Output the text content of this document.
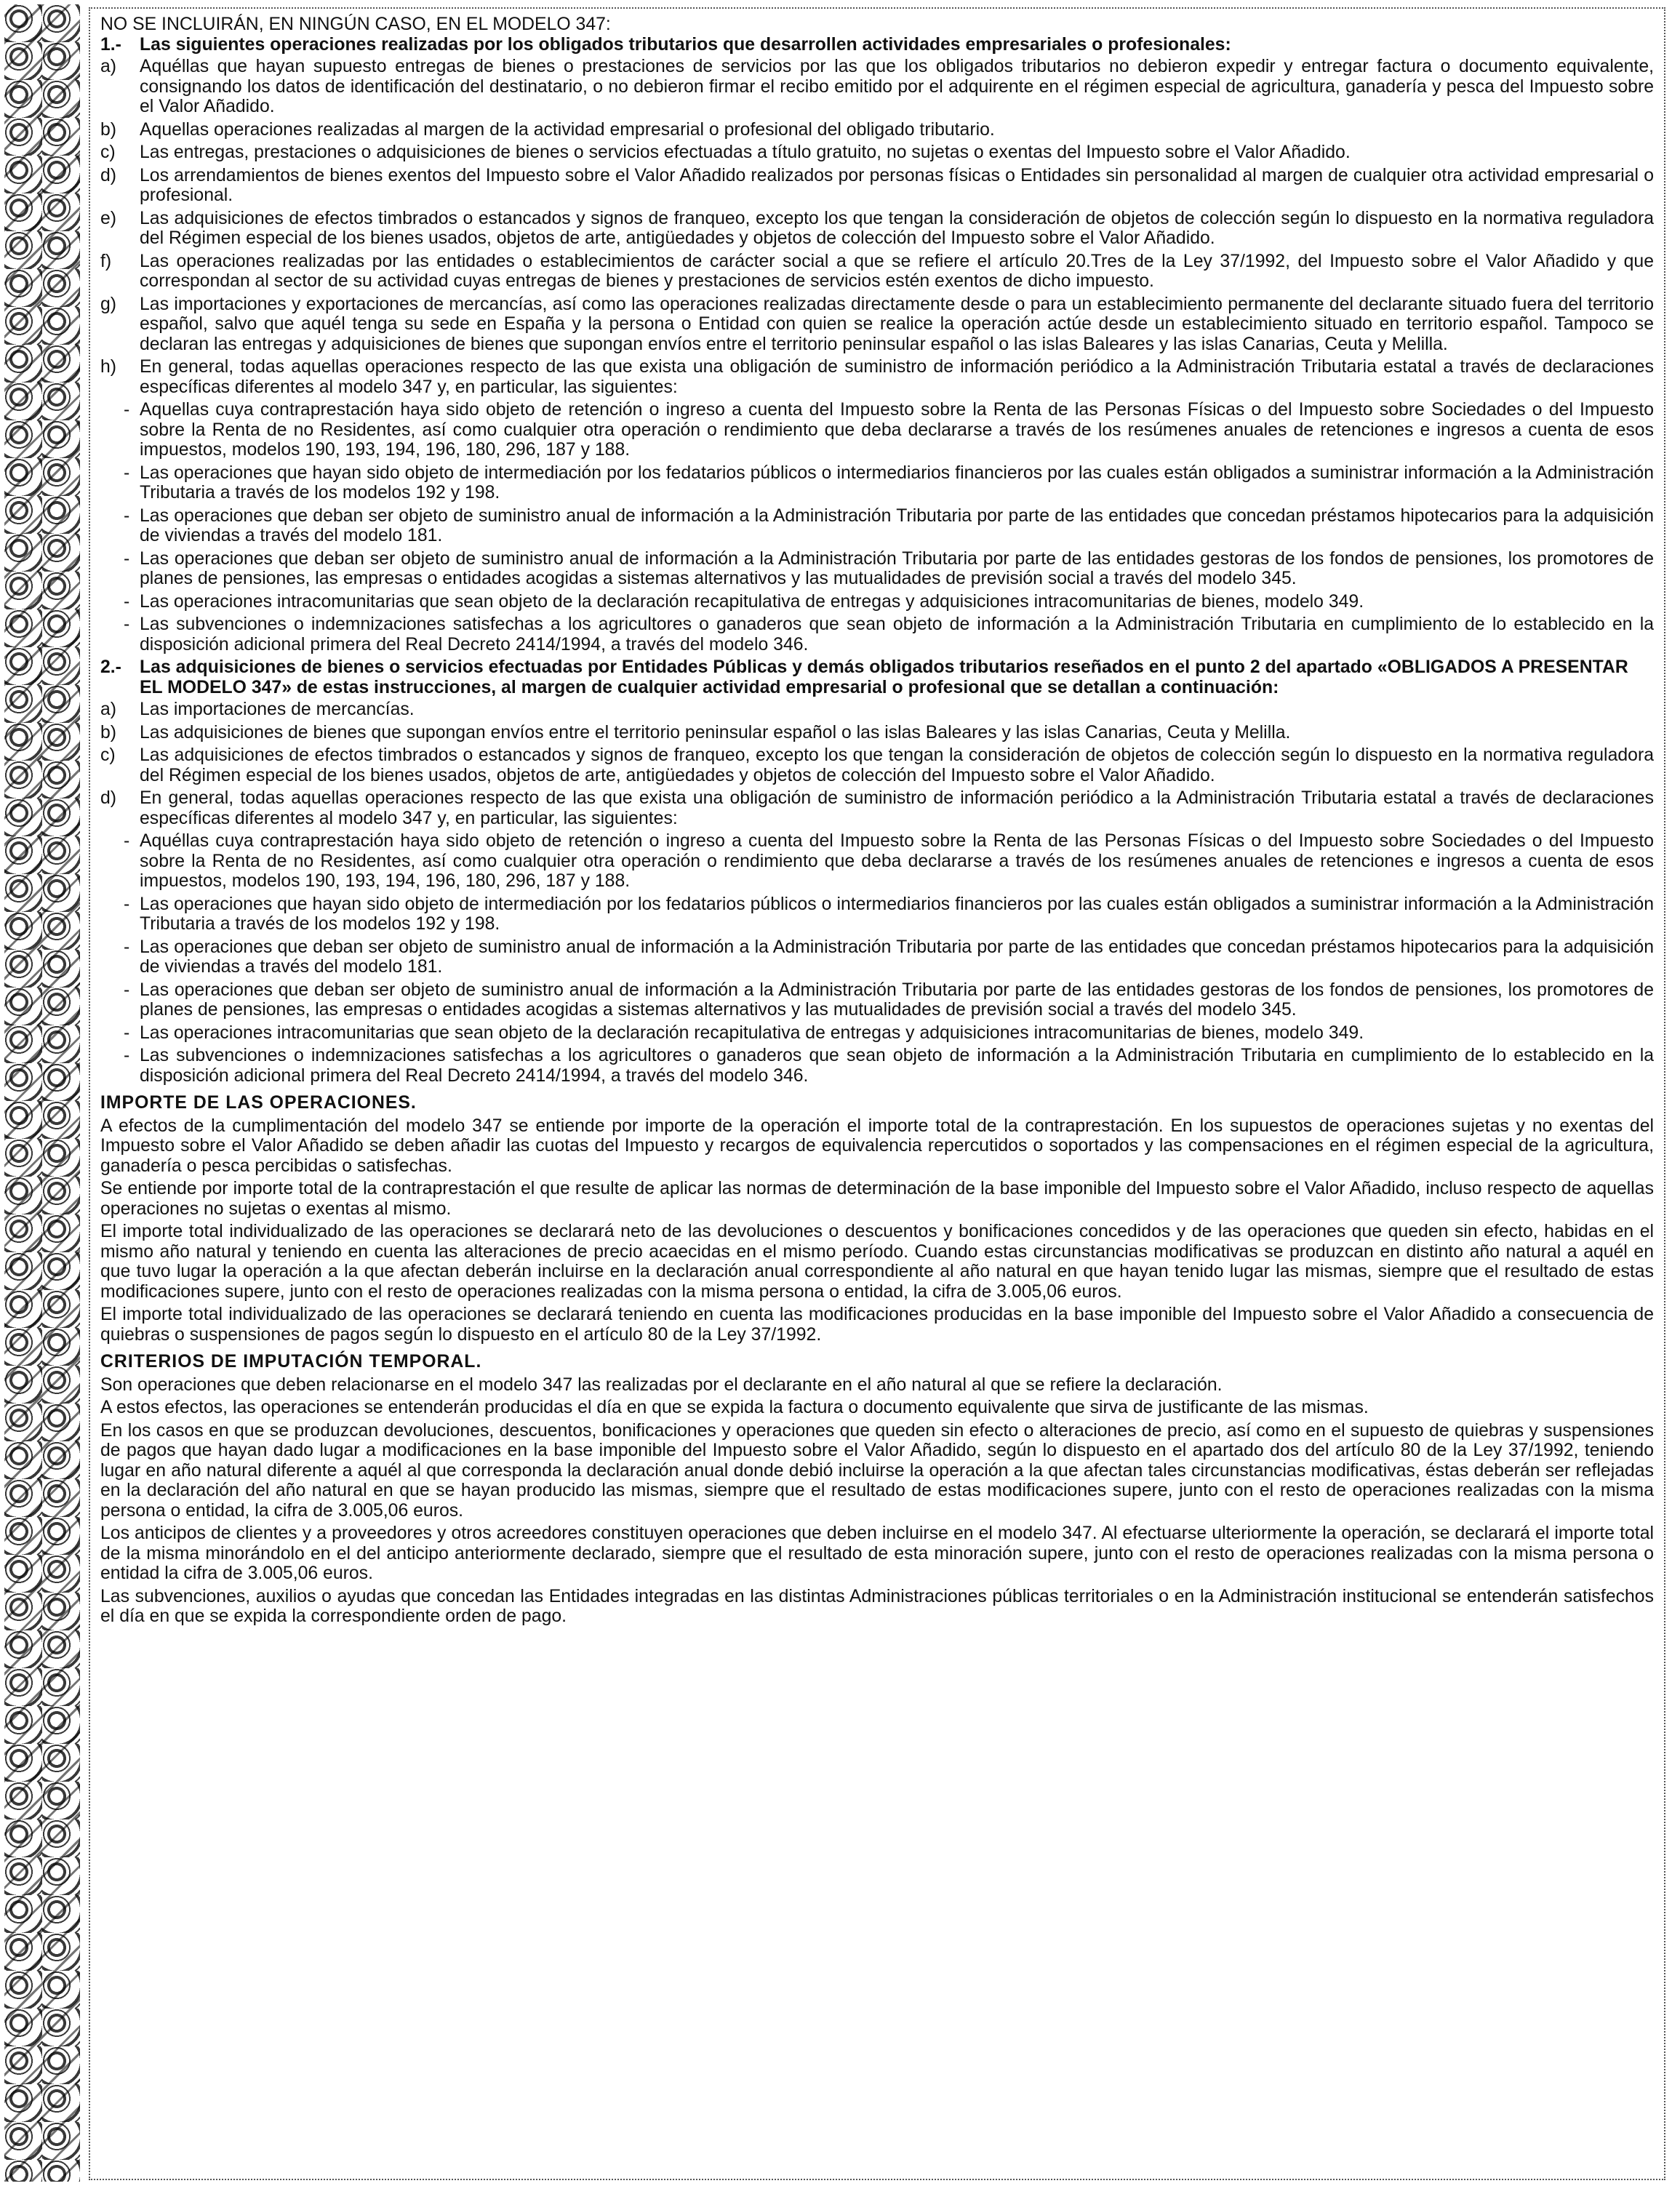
NO SE INCLUIRÁN, EN NINGÚN CASO, EN EL MODELO 347:
1.-	Las siguientes operaciones realizadas por los obligados tributarios que desarrollen actividades empresariales o profesionales:
a)	Aquéllas que hayan supuesto entregas de bienes o prestaciones de servicios por las que los obligados tributarios no debieron expedir y entregar factura o documento equivalente, consignando los datos de identificación del destinatario, o no debieron firmar el recibo emitido por el adquirente en el régimen especial de agricultura, ganadería y pesca del Impuesto sobre el Valor Añadido.
b)	Aquellas operaciones realizadas al margen de la actividad empresarial o profesional del obligado tributario.
c)	Las entregas, prestaciones o adquisiciones de bienes o servicios efectuadas a título gratuito, no sujetas o exentas del Impuesto sobre el Valor Añadido.
d)	Los arrendamientos de bienes exentos del Impuesto sobre el Valor Añadido realizados por personas físicas o Entidades sin personalidad al margen de cualquier otra actividad empresarial o profesional.
e)	Las adquisiciones de efectos timbrados o estancados y signos de franqueo, excepto los que tengan la consideración de objetos de colección según lo dispuesto en la normativa reguladora del Régimen especial de los bienes usados, objetos de arte, antigüedades y objetos de colección del Impuesto sobre el Valor Añadido.
f)	Las operaciones realizadas por las entidades o establecimientos de carácter social a que se refiere el artículo 20.Tres de la Ley 37/1992, del Impuesto sobre el Valor Añadido y que correspondan al sector de su actividad cuyas entregas de bienes y prestaciones de servicios estén exentos de dicho impuesto.
g)	Las importaciones y exportaciones de mercancías, así como las operaciones realizadas directamente desde o para un establecimiento permanente del declarante situado fuera del territorio español, salvo que aquél tenga su sede en España y la persona o Entidad con quien se realice la operación actúe desde un establecimiento situado en territorio español. Tampoco se declaran las entregas y adquisiciones de bienes que supongan envíos entre el territorio peninsular español o las islas Baleares y las islas Canarias, Ceuta y Melilla.
h)	En general, todas aquellas operaciones respecto de las que exista una obligación de suministro de información periódico a la Administración Tributaria estatal a través de declaraciones específicas diferentes al modelo 347 y, en particular, las siguientes:
- Aquellas cuya contraprestación haya sido objeto de retención o ingreso a cuenta del Impuesto sobre la Renta de las Personas Físicas o del Impuesto sobre Sociedades o del Impuesto sobre la Renta de no Residentes, así como cualquier otra operación o rendimiento que deba declararse a través de los resúmenes anuales de retenciones e ingresos a cuenta de esos impuestos, modelos 190, 193, 194, 196, 180, 296, 187 y 188.
- Las operaciones que hayan sido objeto de intermediación por los fedatarios públicos o intermediarios financieros por las cuales están obligados a suministrar información a la Administración Tributaria a través de los modelos 192 y 198.
- Las operaciones que deban ser objeto de suministro anual de información a la Administración Tributaria por parte de las entidades que concedan préstamos hipotecarios para la adquisición de viviendas a través del modelo 181.
- Las operaciones que deban ser objeto de suministro anual de información a la Administración Tributaria por parte de las entidades gestoras de los fondos de pensiones, los promotores de planes de pensiones, las empresas o entidades acogidas a sistemas alternativos y las mutualidades de previsión social a través del modelo 345.
- Las operaciones intracomunitarias que sean objeto de la declaración recapitulativa de entregas y adquisiciones intracomunitarias de bienes, modelo 349.
- Las subvenciones o indemnizaciones satisfechas a los agricultores o ganaderos que sean objeto de información a la Administración Tributaria en cumplimiento de lo establecido en la disposición adicional primera del Real Decreto 2414/1994, a través del modelo 346.
2.-	Las adquisiciones de bienes o servicios efectuadas por Entidades Públicas y demás obligados tributarios reseñados en el punto 2 del apartado «OBLIGADOS A PRESENTAR EL MODELO 347» de estas instrucciones, al margen de cualquier actividad empresarial o profesional que se detallan a continuación:
a)	Las importaciones de mercancías.
b)	Las adquisiciones de bienes que supongan envíos entre el territorio peninsular español o las islas Baleares y las islas Canarias, Ceuta y Melilla.
c)	Las adquisiciones de efectos timbrados o estancados y signos de franqueo, excepto los que tengan la consideración de objetos de colección según lo dispuesto en la normativa reguladora del Régimen especial de los bienes usados, objetos de arte, antigüedades y objetos de colección del Impuesto sobre el Valor Añadido.
d)	En general, todas aquellas operaciones respecto de las que exista una obligación de suministro de información periódico a la Administración Tributaria estatal a través de declaraciones específicas diferentes al modelo 347 y, en particular, las siguientes:
- Aquéllas cuya contraprestación haya sido objeto de retención o ingreso a cuenta del Impuesto sobre la Renta de las Personas Físicas o del Impuesto sobre Sociedades o del Impuesto sobre la Renta de no Residentes, así como cualquier otra operación o rendimiento que deba declararse a través de los resúmenes anuales de retenciones e ingresos a cuenta de esos impuestos, modelos 190, 193, 194, 196, 180, 296, 187 y 188.
- Las operaciones que hayan sido objeto de intermediación por los fedatarios públicos o intermediarios financieros por las cuales están obligados a suministrar información a la Administración Tributaria a través de los modelos 192 y 198.
- Las operaciones que deban ser objeto de suministro anual de información a la Administración Tributaria por parte de las entidades que concedan préstamos hipotecarios para la adquisición de viviendas a través del modelo 181.
- Las operaciones que deban ser objeto de suministro anual de información a la Administración Tributaria por parte de las entidades gestoras de los fondos de pensiones, los promotores de planes de pensiones, las empresas o entidades acogidas a sistemas alternativos y las mutualidades de previsión social a través del modelo 345.
- Las operaciones intracomunitarias que sean objeto de la declaración recapitulativa de entregas y adquisiciones intracomunitarias de bienes, modelo 349.
- Las subvenciones o indemnizaciones satisfechas a los agricultores o ganaderos que sean objeto de información a la Administración Tributaria en cumplimiento de lo establecido en la disposición adicional primera del Real Decreto 2414/1994, a través del modelo 346.
IMPORTE DE LAS OPERACIONES.
A efectos de la cumplimentación del modelo 347 se entiende por importe de la operación el importe total de la contraprestación. En los supuestos de operaciones sujetas y no exentas del Impuesto sobre el Valor Añadido se deben añadir las cuotas del Impuesto y recargos de equivalencia repercutidos o soportados y las compensaciones en el régimen especial de la agricultura, ganadería o pesca percibidas o satisfechas.
Se entiende por importe total de la contraprestación el que resulte de aplicar las normas de determinación de la base imponible del Impuesto sobre el Valor Añadido, incluso respecto de aquellas operaciones no sujetas o exentas al mismo.
El importe total individualizado de las operaciones se declarará neto de las devoluciones o descuentos y bonificaciones concedidos y de las operaciones que queden sin efecto, habidas en el mismo año natural y teniendo en cuenta las alteraciones de precio acaecidas en el mismo período. Cuando estas circunstancias modificativas se produzcan en distinto año natural a aquél en que tuvo lugar la operación a la que afectan deberán incluirse en la declaración anual correspondiente al año natural en que hayan tenido lugar las mismas, siempre que el resultado de estas modificaciones supere, junto con el resto de operaciones realizadas con la misma persona o entidad, la cifra de 3.005,06 euros.
El importe total individualizado de las operaciones se declarará teniendo en cuenta las modificaciones producidas en la base imponible del Impuesto sobre el Valor Añadido a consecuencia de quiebras o suspensiones de pagos según lo dispuesto en el artículo 80 de la Ley 37/1992.
CRITERIOS DE IMPUTACIÓN TEMPORAL.
Son operaciones que deben relacionarse en el modelo 347 las realizadas por el declarante en el año natural al que se refiere la declaración.
A estos efectos, las operaciones se entenderán producidas el día en que se expida la factura o documento equivalente que sirva de justificante de las mismas.
En los casos en que se produzcan devoluciones, descuentos, bonificaciones y operaciones que queden sin efecto o alteraciones de precio, así como en el supuesto de quiebras y suspensiones de pagos que hayan dado lugar a modificaciones en la base imponible del Impuesto sobre el Valor Añadido, según lo dispuesto en el apartado dos del artículo 80 de la Ley 37/1992, teniendo lugar en año natural diferente a aquél al que corresponda la declaración anual donde debió incluirse la operación a la que afectan tales circunstancias modificativas, éstas deberán ser reflejadas en la declaración del año natural en que se hayan producido las mismas, siempre que el resultado de estas modificaciones supere, junto con el resto de operaciones realizadas con la misma persona o entidad, la cifra de 3.005,06 euros.
Los anticipos de clientes y a proveedores y otros acreedores constituyen operaciones que deben incluirse en el modelo 347. Al efectuarse ulteriormente la operación, se declarará el importe total de la misma minorándolo en el del anticipo anteriormente declarado, siempre que el resultado de esta minoración supere, junto con el resto de operaciones realizadas con la misma persona o entidad la cifra de 3.005,06 euros.
Las subvenciones, auxilios o ayudas que concedan las Entidades integradas en las distintas Administraciones públicas territoriales o en la Administración institucional se entenderán satisfechos el día en que se expida la correspondiente orden de pago.
